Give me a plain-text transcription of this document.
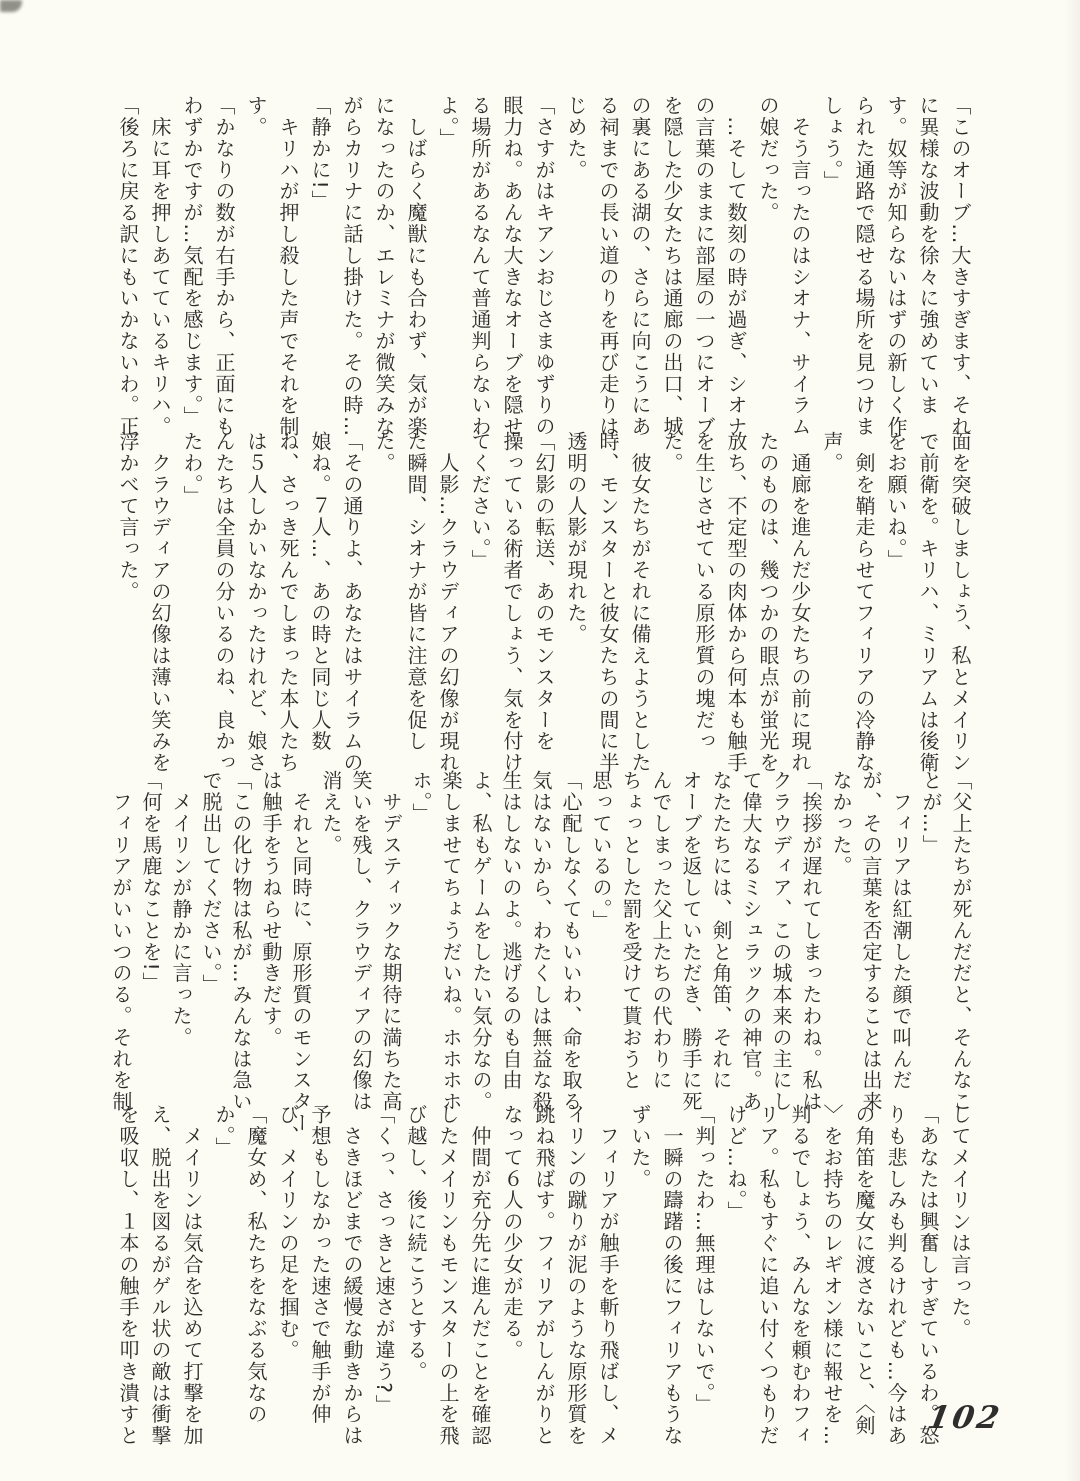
「このオーブ…大きすぎます、それ
に異様な波動を徐々に強めていま
す。奴等が知らないはずの新しく作
られた通路で隠せる場所を見つけま
しょう。」
　そう言ったのはシオナ、サイラム
の娘だった。
　…そして数刻の時が過ぎ、シオナ
の言葉のままに部屋の一つにオーブ
を隠した少女たちは通廊の出口、城
の裏にある湖の、さらに向こうにあ
る祠までの長い道のりを再び走りは
じめた。
「さすがはキアンおじさまゆずりの
眼力ね。あんな大きなオーブを隠せ
る場所があるなんて普通判らないわ
よ。」
　しばらく魔獣にも合わず、気が楽
になったのか、エレミナが微笑みな
がらカリナに話し掛けた。その時…
「静かに!」
　キリハが押し殺した声でそれを制
す。
「かなりの数が右手から、正面にも
わずかですが…気配を感じます。」
　床に耳を押しあてているキリハ。
「後ろに戻る訳にもいかないわ。正
面を突破しましょう、私とメイリン
で前衛を。キリハ、ミリアムは後衛
をお願いね。」
　剣を鞘走らせてフィリアの冷静な
声。
　通廊を進んだ少女たちの前に現れ
たのものは、幾つかの眼点が蛍光を
放ち、不定型の肉体から何本も触手
を生じさせている原形質の塊だっ
た。
　彼女たちがそれに備えようとした
時、モンスターと彼女たちの間に半
透明の人影が現れた。
「幻影の転送、あのモンスターを
操っている術者でしょう、気を付け
てください。」
　人影…クラウディアの幻像が現れ
た瞬間、シオナが皆に注意を促し
た。
「その通りよ、あなたはサイラムの
娘ね。７人…、あの時と同じ人数
ね、さっき死んでしまった本人たち
は５人しかいなかったけれど、娘さ
んたちは全員の分いるのね、良かっ
たわ。」
　クラウディアの幻像は薄い笑みを
浮かべて言った。
「父上たちが死んだだと、そんなこ
とが…」
　フィリアは紅潮した顔で叫んだ
が、その言葉を否定することは出来
なかった。
「挨拶が遅れてしまったわね。私は
クラウディア、この城本来の主にし
て偉大なるミシュラックの神官。あ
なたたちには、剣と角笛、それに
オーブを返していただき、勝手に死
んでしまった父上たちの代わりに
ちょっとした罰を受けて貰おうと
思っているの。」
「心配しなくてもいいわ、命を取る
気はないから、わたくしは無益な殺
生はしないのよ。逃げるのも自由
よ、私もゲームをしたい気分なの。
楽しませてちょうだいね。ホホホホ
ホ。」
　サデスティックな期待に満ちた高
笑いを残し、クラウディアの幻像は
消えた。
　それと同時に、原形質のモンスター
は触手をうねらせ動きだす。
「この化け物は私が…みんなは急い
で脱出してください。」
　メイリンが静かに言った。
「何を馬鹿なことを!」
　フィリアがいいつのる。それを制
してメイリンは言った。
「あなたは興奮しすぎているわ。怒
りも悲しみも判るけれども…今はあ
の角笛を魔女に渡さないこと、〈剣
〉をお持ちのレギオン様に報せを…
判るでしょう、みんなを頼むわフィ
リア。私もすぐに追い付くつもりだ
けど…ね。」
「判ったわ…無理はしないで。」
　一瞬の躊躇の後にフィリアもうな
ずいた。
　フィリアが触手を斬り飛ばし、メ
イリンの蹴りが泥のような原形質を
跳ね飛ばす。フィリアがしんがりと
なって６人の少女が走る。
　仲間が充分先に進んだことを確認
したメイリンもモンスターの上を飛
び越し、後に続こうとする。
「くっ、さっきと速さが違う?」
　さきほどまでの緩慢な動きからは
予想もしなかった速さで触手が伸
び、メイリンの足を掴む。
「魔女め、私たちをなぶる気なの
か。」
　メイリンは気合を込めて打撃を加
え、脱出を図るがゲル状の敵は衝撃
を吸収し、１本の触手を叩き潰すと	102
